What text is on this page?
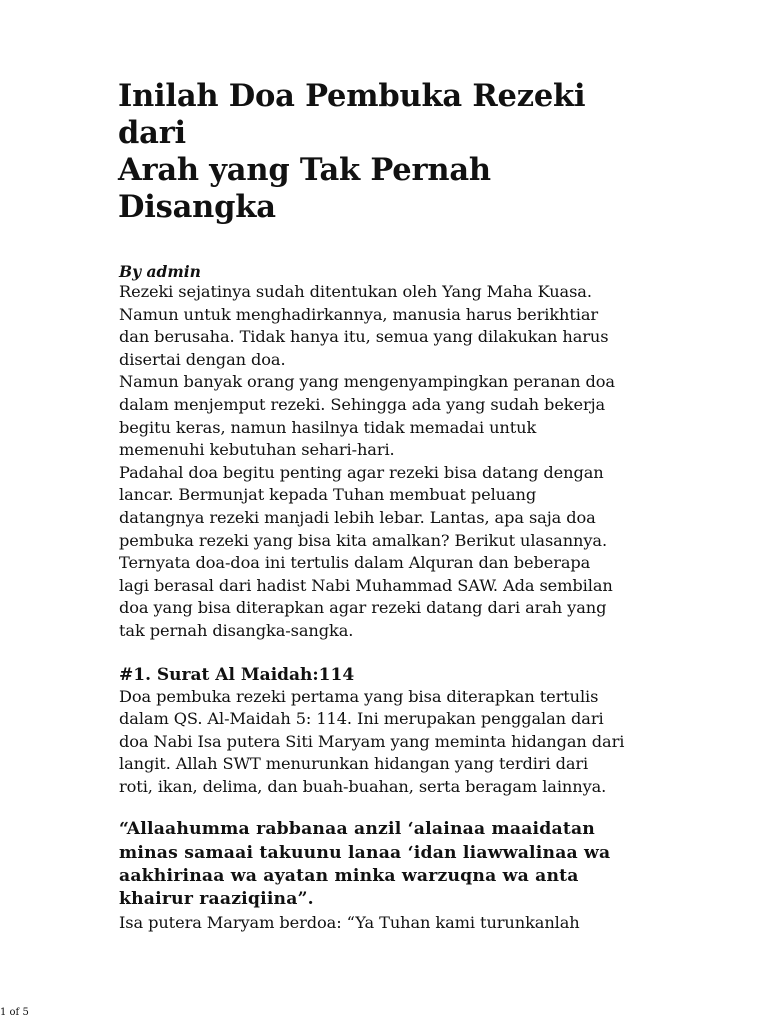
Inilah Doa Pembuka Rezeki dari
Arah yang Tak Pernah Disangka
By admin

Rezeki sejatinya sudah ditentukan oleh Yang Maha Kuasa.
Namun untuk menghadirkannya, manusia harus berikhtiar
dan berusaha. Tidak hanya itu, semua yang dilakukan harus
disertai dengan doa.

Namun banyak orang yang mengenyampingkan peranan doa
dalam menjemput rezeki. Sehingga ada yang sudah bekerja
begitu keras, namun hasilnya tidak memadai untuk
memenuhi kebutuhan sehari-hari.

Padahal doa begitu penting agar rezeki bisa datang dengan
lancar. Bermunjat kepada Tuhan membuat peluang
datangnya rezeki manjadi lebih lebar. Lantas, apa saja doa
pembuka rezeki yang bisa kita amalkan? Berikut ulasannya.

Ternyata doa-doa ini tertulis dalam Alquran dan beberapa
lagi berasal dari hadist Nabi Muhammad SAW. Ada sembilan
doa yang bisa diterapkan agar rezeki datang dari arah yang
tak pernah disangka-sangka.

#1. Surat Al Maidah:114

Doa pembuka rezeki pertama yang bisa diterapkan tertulis
dalam QS. Al-Maidah 5: 114. Ini merupakan penggalan dari
doa Nabi Isa putera Siti Maryam yang meminta hidangan dari
langit. Allah SWT menurunkan hidangan yang terdiri dari
roti, ikan, delima, dan buah-buahan, serta beragam lainnya.

“Allaahumma rabbanaa anzil ‘alainaa maaidatan
minas samaai takuunu lanaa ‘idan liawwalinaa wa
aakhirinaa wa ayatan minka warzuqna wa anta
khairur raaziqiina”.

Isa putera Maryam berdoa: “Ya Tuhan kami turunkanlah

1 of 5
